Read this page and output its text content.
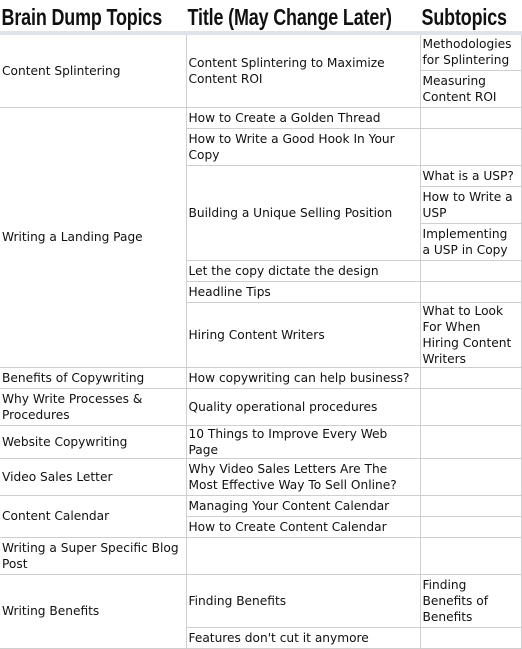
Brain Dump Topics	Title (May Change Later)	Subtopics	
Content Splintering	Content Splintering to Maximize Content ROI	Methodologies for Splintering	
		Measuring Content ROI	
Writing a Landing Page	How to Create a Golden Thread		
	How to Write a Good Hook In Your Copy		
	Building a Unique Selling Position	What is a USP?	
		How to Write a USP	
		Implementing a USP in Copy	
	Let the copy dictate the design		
	Headline Tips		
	Hiring Content Writers	What to Look For When Hiring Content Writers	
Benefits of Copywriting	How copywriting can help business?		
Why Write Processes & Procedures	Quality operational procedures		
Website Copywriting	10 Things to Improve Every Web Page		
Video Sales Letter	Why Video Sales Letters Are The Most Effective Way To Sell Online?		
Content Calendar	Managing Your Content Calendar		
	How to Create Content Calendar		
Writing a Super Specific Blog Post			
Writing Benefits	Finding Benefits	Finding Benefits of Benefits	
	Features don't cut it anymore		
